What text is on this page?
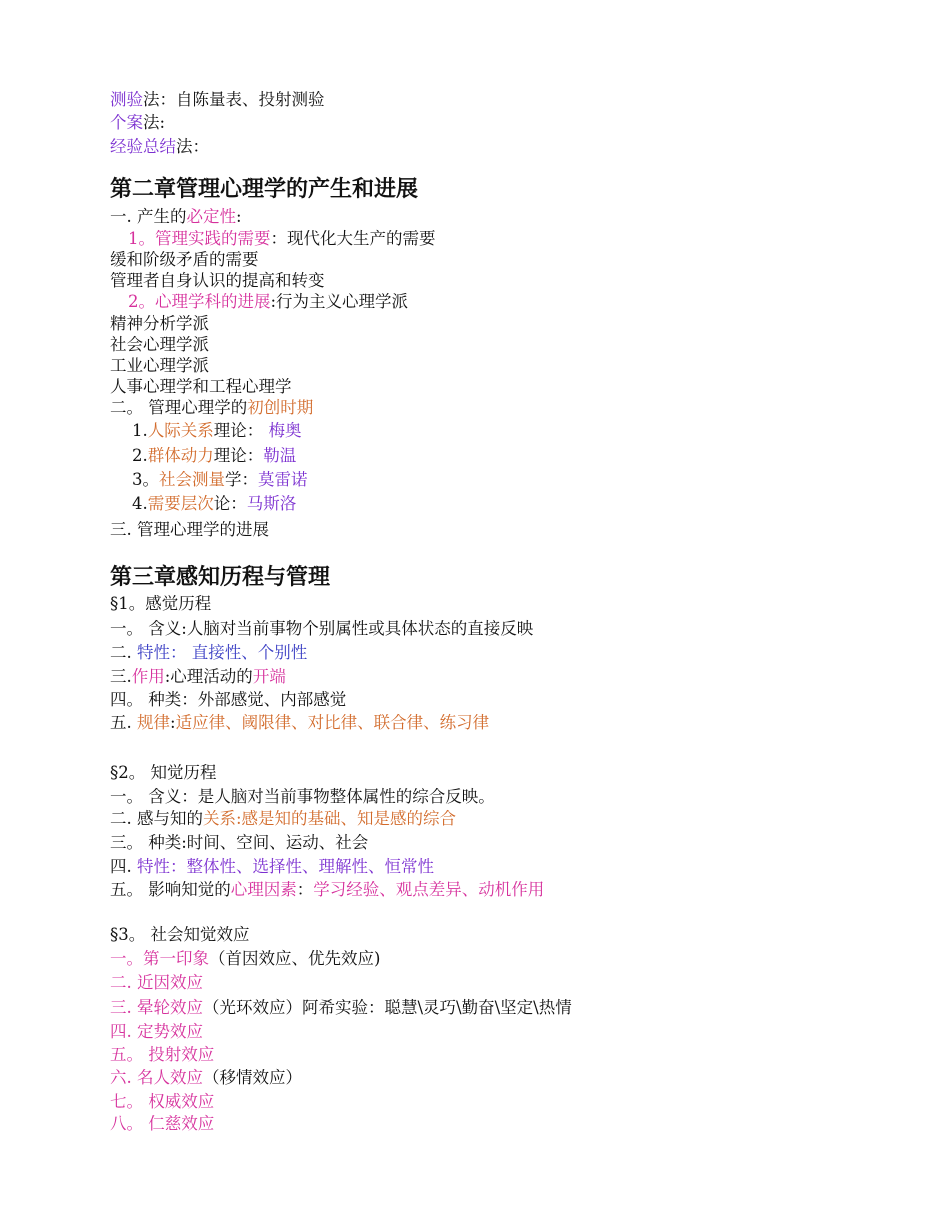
测验法：自陈量表、投射测验
个案法:
经验总结法：
第二章管理心理学的产生和进展
一. 产生的必定性:
1。管理实践的需要：现代化大生产的需要
缓和阶级矛盾的需要
管理者自身认识的提高和转变
2。心理学科的进展:行为主义心理学派
精神分析学派
社会心理学派
工业心理学派
人事心理学和工程心理学
二。 管理心理学的初创时期
1.人际关系理论： 梅奥
2.群体动力理论：勒温
3。社会测量学：莫雷诺
4.需要层次论：马斯洛
三. 管理心理学的进展
第三章感知历程与管理
§1。感觉历程
一。 含义:人脑对当前事物个别属性或具体状态的直接反映
二. 特性： 直接性、个别性
三.作用:心理活动的开端
四。 种类：外部感觉、内部感觉
五. 规律:适应律、阈限律、对比律、联合律、练习律
§2。 知觉历程
一。 含义：是人脑对当前事物整体属性的综合反映。
二. 感与知的关系:感是知的基础、知是感的综合
三。 种类:时间、空间、运动、社会
四. 特性：整体性、选择性、理解性、恒常性
五。 影响知觉的心理因素：学习经验、观点差异、动机作用
§3。 社会知觉效应
一。第一印象（首因效应、优先效应)
二. 近因效应
三. 晕轮效应（光环效应）阿希实验：聪慧\灵巧\勤奋\坚定\热情
四. 定势效应
五。 投射效应
六. 名人效应（移情效应）
七。 权威效应
八。 仁慈效应
